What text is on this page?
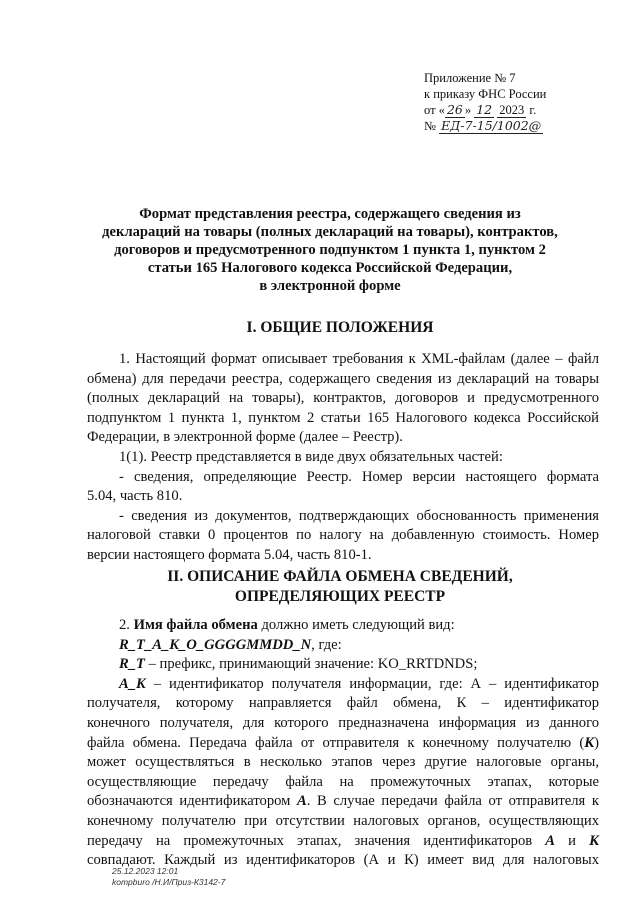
Приложение № 7
к приказу ФНС России
от « 26 » 12 2023 г.
№ ЕД-7-15/1002@
Формат представления реестра, содержащего сведения из
деклараций на товары (полных деклараций на товары), контрактов,
договоров и предусмотренного подпунктом 1 пункта 1, пунктом 2
статьи 165 Налогового кодекса Российской Федерации,
в электронной форме
I. ОБЩИЕ ПОЛОЖЕНИЯ
1. Настоящий формат описывает требования к XML-файлам (далее – файл
обмена) для передачи реестра, содержащего сведения из деклараций на товары
(полных деклараций на товары), контрактов, договоров и предусмотренного
подпунктом 1 пункта 1, пунктом 2 статьи 165 Налогового кодекса Российской
Федерации, в электронной форме (далее – Реестр).
1(1). Реестр представляется в виде двух обязательных частей:
- сведения, определяющие Реестр. Номер версии настоящего формата
5.04, часть 810.
- сведения из документов, подтверждающих обоснованность применения
налоговой ставки 0 процентов по налогу на добавленную стоимость. Номер
версии настоящего формата 5.04, часть 810-1.
II. ОПИСАНИЕ ФАЙЛА ОБМЕНА СВЕДЕНИЙ,
ОПРЕДЕЛЯЮЩИХ РЕЕСТР
2. Имя файла обмена должно иметь следующий вид:
R_T_A_K_O_GGGGMMDD_N, где:
R_T – префикс, принимающий значение: KO_RRTDNDS;
A_K – идентификатор получателя информации, где: А – идентификатор
получателя, которому направляется файл обмена, К – идентификатор
конечного получателя, для которого предназначена информация из данного
файла обмена. Передача файла от отправителя к конечному получателю (К)
может осуществляться в несколько этапов через другие налоговые органы,
осуществляющие передачу файла на промежуточных этапах, которые
обозначаются идентификатором А. В случае передачи файла от отправителя к
конечному получателю при отсутствии налоговых органов, осуществляющих
передачу на промежуточных этапах, значения идентификаторов А и К
совпадают. Каждый из идентификаторов (А и К) имеет вид для налоговых
25.12.2023 12:01
kompburo /Н.И/Приз-К3142-7
